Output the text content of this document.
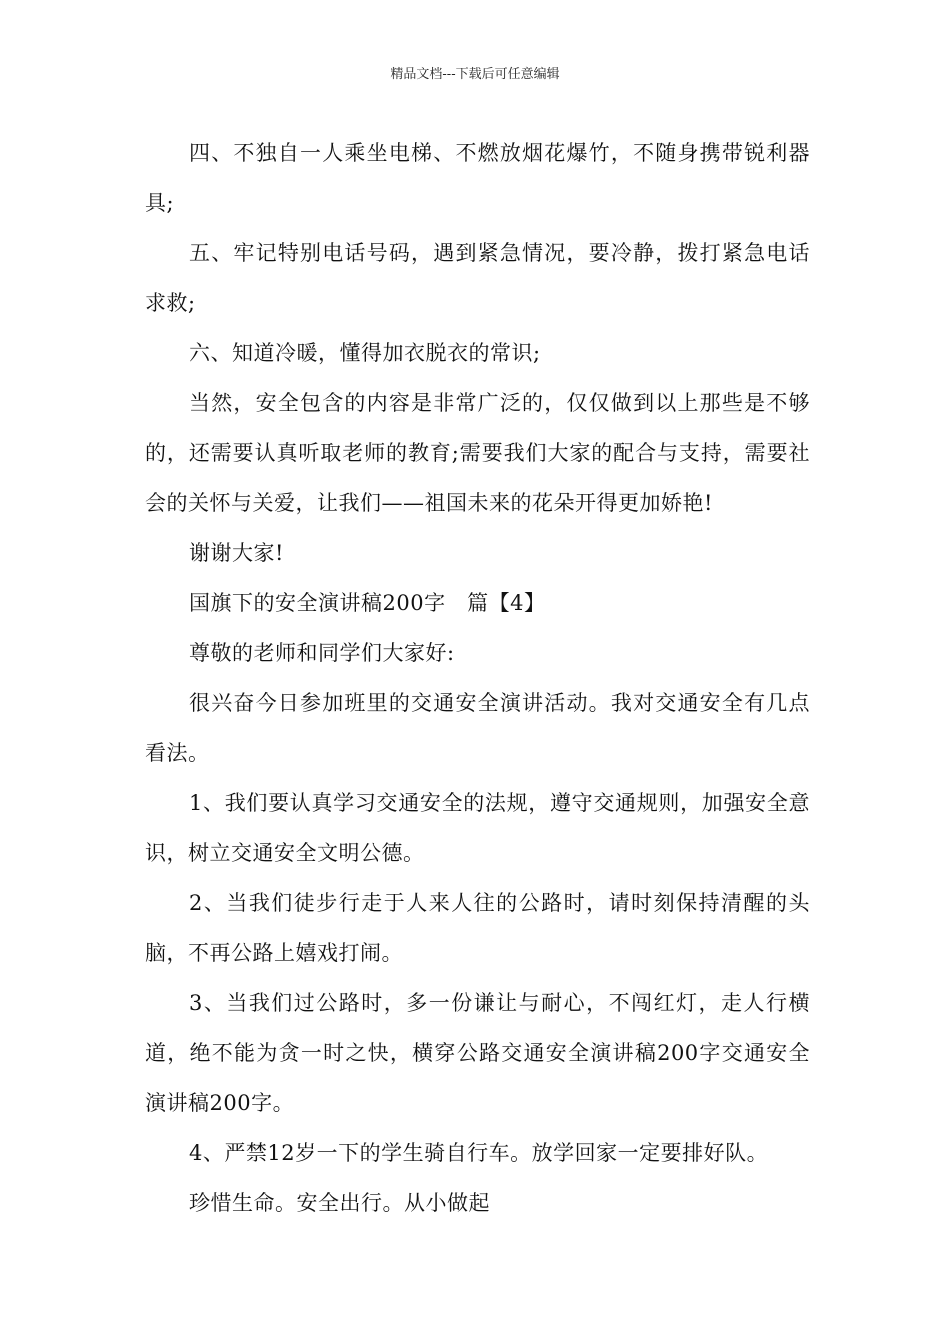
精品文档---下载后可任意编辑

四、不独自一人乘坐电梯、不燃放烟花爆竹，不随身携带锐利器具;

五、牢记特别电话号码，遇到紧急情况，要冷静，拨打紧急电话求救;

六、知道冷暖，懂得加衣脱衣的常识;

当然，安全包含的内容是非常广泛的，仅仅做到以上那些是不够的，还需要认真听取老师的教育;需要我们大家的配合与支持，需要社会的关怀与关爱，让我们——祖国未来的花朵开得更加娇艳!

谢谢大家!

国旗下的安全演讲稿200字　篇【4】

尊敬的老师和同学们大家好:

很兴奋今日参加班里的交通安全演讲活动。我对交通安全有几点看法。

1、我们要认真学习交通安全的法规，遵守交通规则，加强安全意识，树立交通安全文明公德。

2、当我们徒步行走于人来人往的公路时，请时刻保持清醒的头脑，不再公路上嬉戏打闹。

3、当我们过公路时，多一份谦让与耐心，不闯红灯，走人行横道，绝不能为贪一时之快，横穿公路交通安全演讲稿200字交通安全演讲稿200字。

4、严禁12岁一下的学生骑自行车。放学回家一定要排好队。

珍惜生命。安全出行。从小做起
